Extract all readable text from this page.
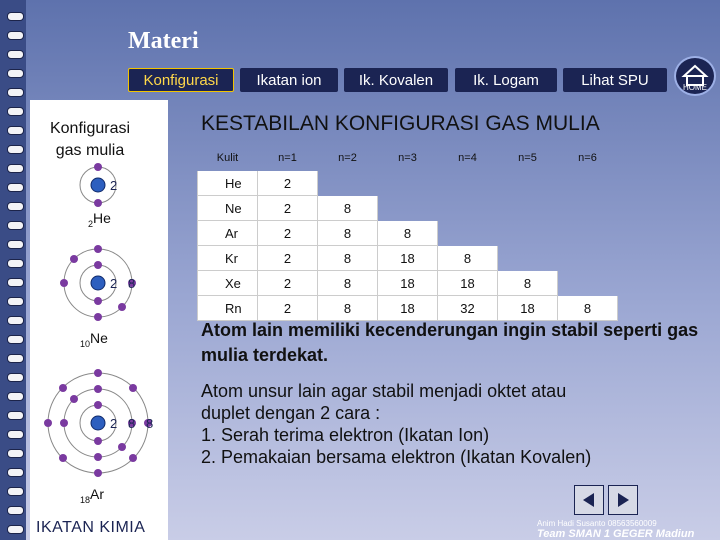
Materi
Konfigurasi	Ikatan ion Ik. Kovalen	Ik. Logam	Lihat SPU	HOME
Konfigurasi
gas mulia
2
2 8
2 8 8
$_2$He
$_{10}$Ne
$_{18}$Ar
IKATAN KIMIA
KESTABILAN KONFIGURASI GAS MULIA
Kulit	n=1	n=2	n=3	n=4	n=5	n=6
He	2					
Ne	2	8				
Ar	2	8	8			
Kr	2	8	18	8		
Xe	2	8	18	18	8	
Rn	2	8	18	32	18	8
Atom lain memiliki kecenderungan ingin stabil seperti gas mulia terdekat.
Atom unsur lain agar stabil menjadi oktet atau
duplet dengan 2 cara :
1. Serah terima elektron (Ikatan Ion)
2. Pemakaian bersama elektron (Ikatan Kovalen)
Anim Hadi Susanto 08563560009
Team SMAN 1 GEGER Madiun
